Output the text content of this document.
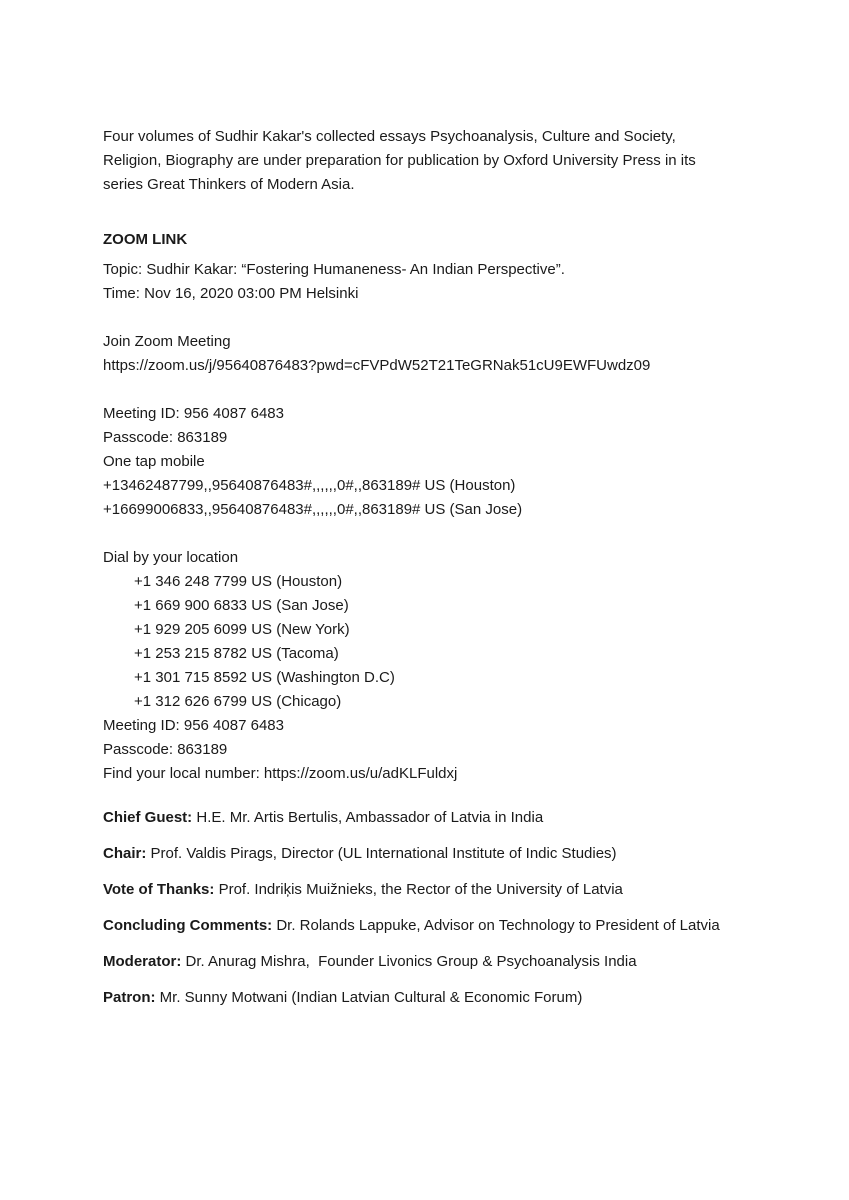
Four volumes of Sudhir Kakar's collected essays Psychoanalysis, Culture and Society,
Religion, Biography are under preparation for publication by Oxford University Press in its
series Great Thinkers of Modern Asia.
ZOOM LINK
Topic: Sudhir Kakar: “Fostering Humaneness- An Indian Perspective”.
Time: Nov 16, 2020 03:00 PM Helsinki
Join Zoom Meeting
https://zoom.us/j/95640876483?pwd=cFVPdW52T21TeGRNak51cU9EWFUwdz09
Meeting ID: 956 4087 6483
Passcode: 863189
One tap mobile
+13462487799,,95640876483#,,,,,,0#,,863189# US (Houston)
+16699006833,,95640876483#,,,,,,0#,,863189# US (San Jose)
Dial by your location
+1 346 248 7799 US (Houston)
+1 669 900 6833 US (San Jose)
+1 929 205 6099 US (New York)
+1 253 215 8782 US (Tacoma)
+1 301 715 8592 US (Washington D.C)
+1 312 626 6799 US (Chicago)
Meeting ID: 956 4087 6483
Passcode: 863189
Find your local number: https://zoom.us/u/adKLFuldxj
Chief Guest: H.E. Mr. Artis Bertulis, Ambassador of Latvia in India
Chair: Prof. Valdis Pirags, Director (UL International Institute of Indic Studies)
Vote of Thanks: Prof. Indriķis Muižnieks, the Rector of the University of Latvia
Concluding Comments: Dr. Rolands Lappuke, Advisor on Technology to President of Latvia
Moderator: Dr. Anurag Mishra,  Founder Livonics Group & Psychoanalysis India
Patron: Mr. Sunny Motwani (Indian Latvian Cultural & Economic Forum)
